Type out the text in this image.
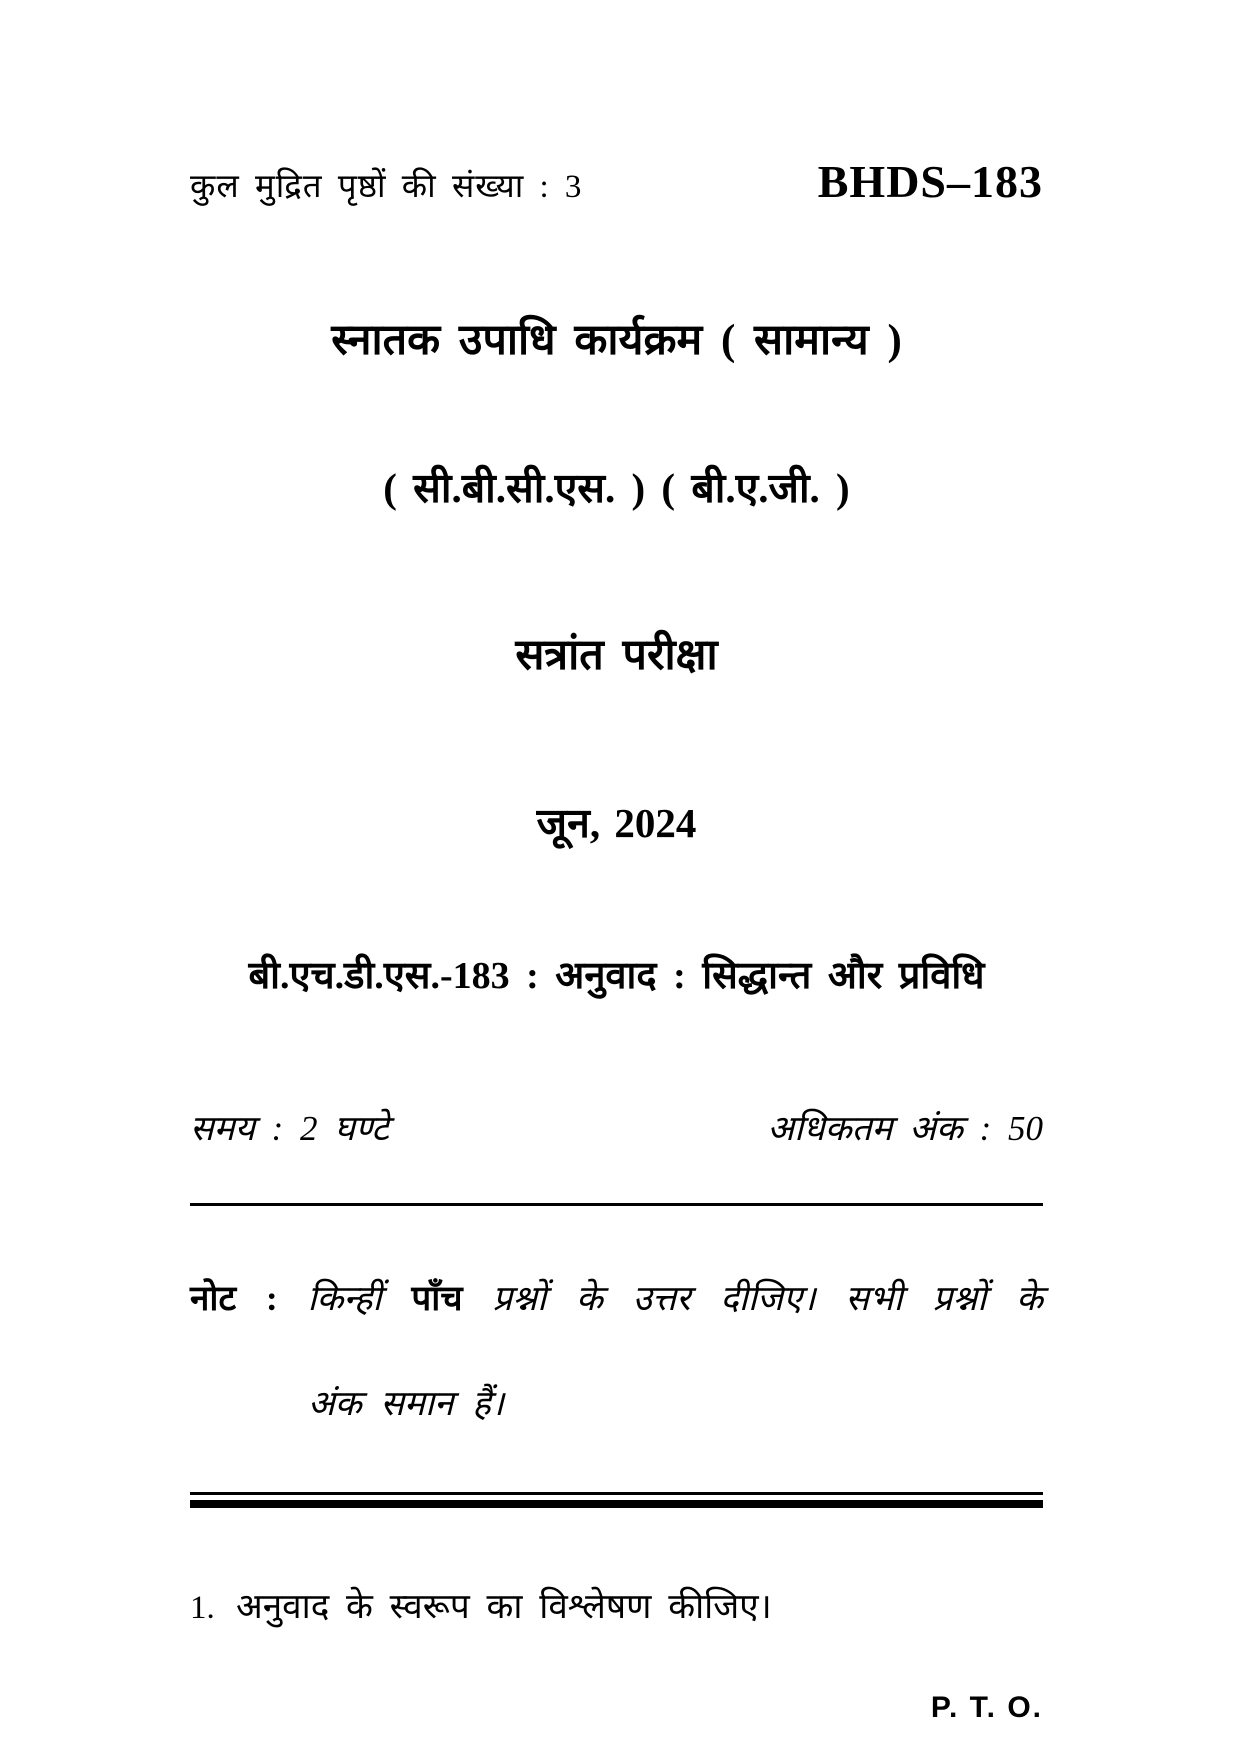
कुल मुद्रित पृष्ठों की संख्या : 3	BHDS–183
स्नातक उपाधि कार्यक्रम ( सामान्य )
( सी.बी.सी.एस. ) ( बी.ए.जी. )
सत्रांत परीक्षा
जून, 2024
बी.एच.डी.एस.-183 : अनुवाद : सिद्धान्त और प्रविधि
समय : 2 घण्टे	अधिकतम अंक : 50
नोट : किन्हीं पाँच प्रश्नों के उत्तर दीजिए। सभी प्रश्नों के
अंक समान हैं।
1. अनुवाद के स्वरूप का विश्लेषण कीजिए।
P. T. O.
